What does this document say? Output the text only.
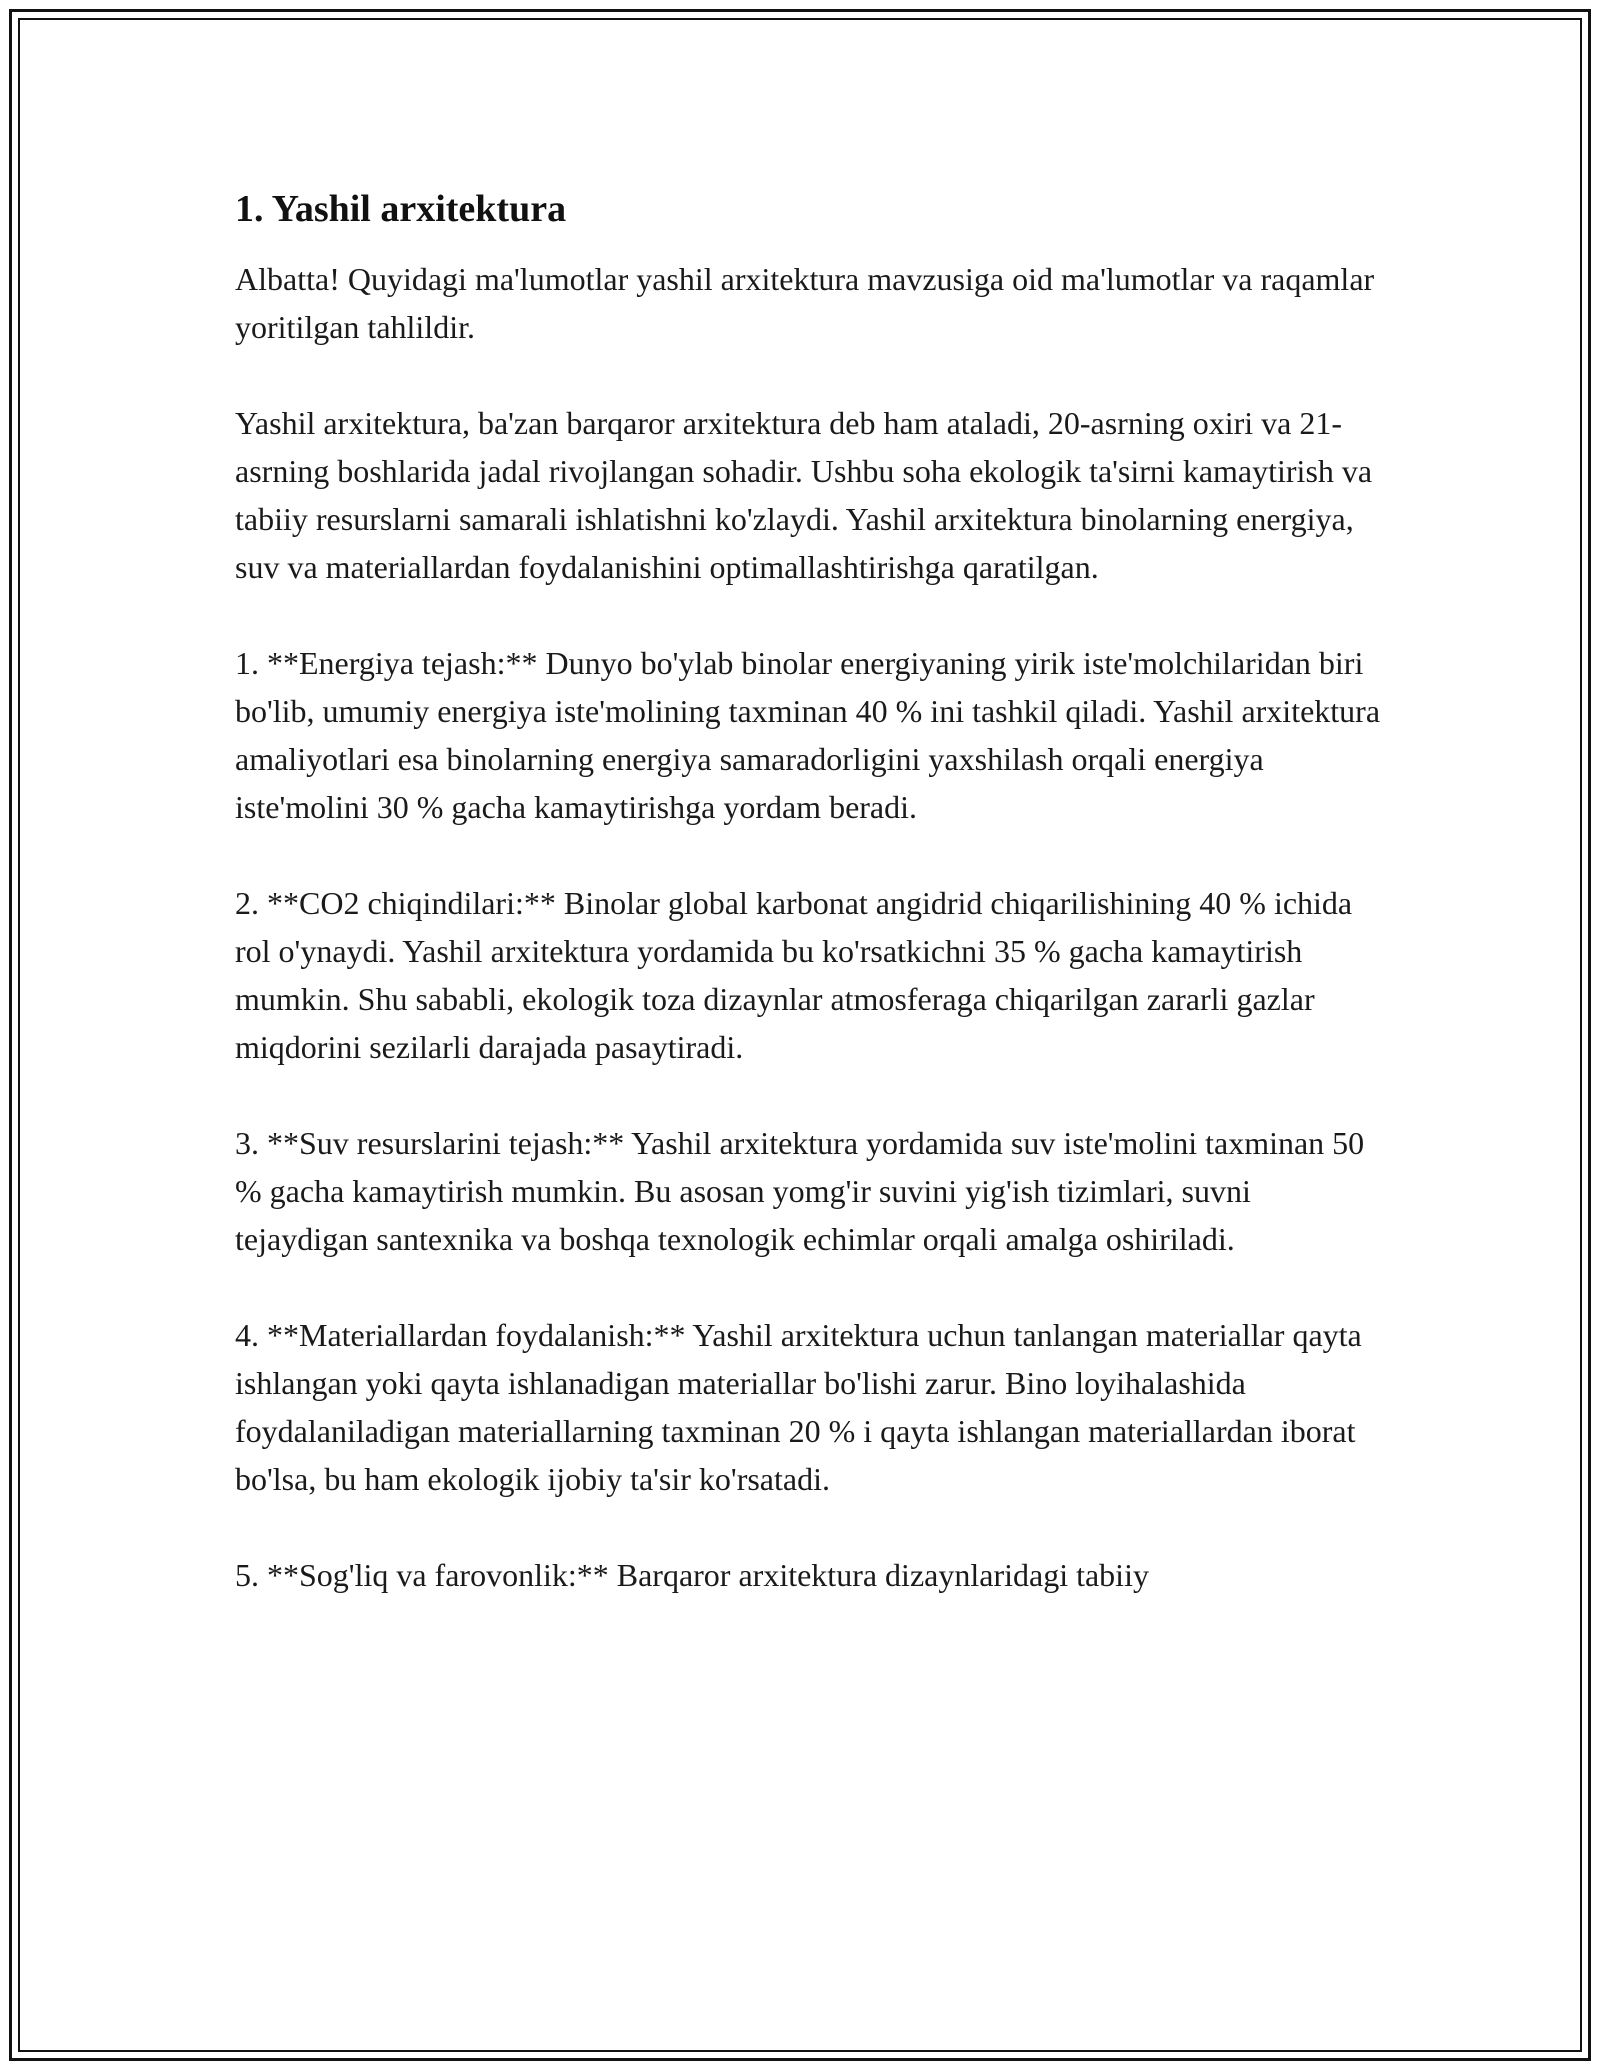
1. Yashil arxitektura

Albatta! Quyidagi ma'lumotlar yashil arxitektura mavzusiga oid ma'lumotlar va raqamlar yoritilgan tahlildir.

Yashil arxitektura, ba'zan barqaror arxitektura deb ham ataladi, 20-asrning oxiri va 21-asrning boshlarida jadal rivojlangan sohadir. Ushbu soha ekologik ta'sirni kamaytirish va tabiiy resurslarni samarali ishlatishni ko'zlaydi. Yashil arxitektura binolarning energiya, suv va materiallardan foydalanishini optimallashtirishga qaratilgan.

1. **Energiya tejash:** Dunyo bo'ylab binolar energiyaning yirik iste'molchilaridan biri bo'lib, umumiy energiya iste'molining taxminan 40 % ini tashkil qiladi. Yashil arxitektura amaliyotlari esa binolarning energiya samaradorligini yaxshilash orqali energiya iste'molini 30 % gacha kamaytirishga yordam beradi.

2. **CO2 chiqindilari:** Binolar global karbonat angidrid chiqarilishining 40 % ichida rol o'ynaydi. Yashil arxitektura yordamida bu ko'rsatkichni 35 % gacha kamaytirish mumkin. Shu sababli, ekologik toza dizaynlar atmosferaga chiqarilgan zararli gazlar miqdorini sezilarli darajada pasaytiradi.

3. **Suv resurslarini tejash:** Yashil arxitektura yordamida suv iste'molini taxminan 50 % gacha kamaytirish mumkin. Bu asosan yomg'ir suvini yig'ish tizimlari, suvni tejaydigan santexnika va boshqa texnologik echimlar orqali amalga oshiriladi.

4. **Materiallardan foydalanish:** Yashil arxitektura uchun tanlangan materiallar qayta ishlangan yoki qayta ishlanadigan materiallar bo'lishi zarur. Bino loyihalashida foydalaniladigan materiallarning taxminan 20 % i qayta ishlangan materiallardan iborat bo'lsa, bu ham ekologik ijobiy ta'sir ko'rsatadi.

5. **Sog'liq va farovonlik:** Barqaror arxitektura dizaynlaridagi tabiiy
